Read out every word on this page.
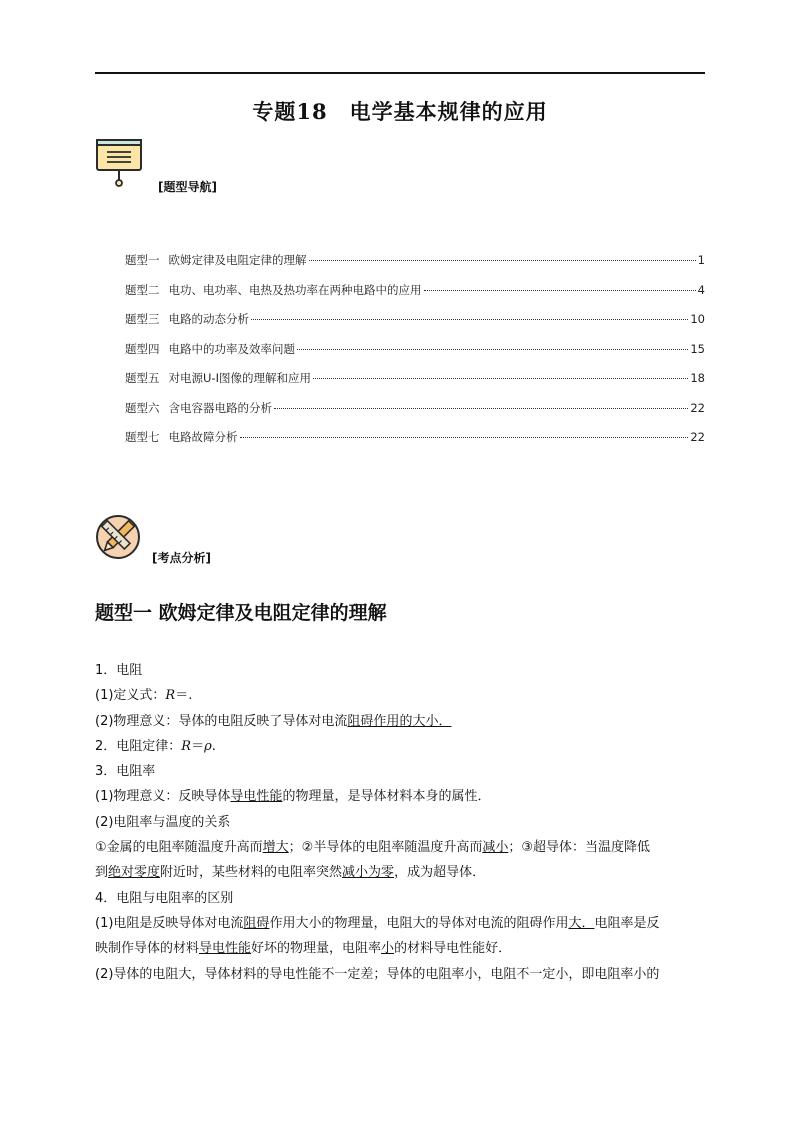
专题18　电学基本规律的应用
[题型导航]
题型一 欧姆定律及电阻定律的理解	1
题型二 电功、电功率、电热及热功率在两种电路中的应用	4
题型三 电路的动态分析	10
题型四 电路中的功率及效率问题	15
题型五 对电源U-I图像的理解和应用	18
题型六 含电容器电路的分析	22
题型七 电路故障分析	22
[考点分析]
题型一 欧姆定律及电阻定律的理解
1．电阻
(1)定义式：R＝.
(2)物理意义：导体的电阻反映了导体对电流阻碍作用的大小．
2．电阻定律：R＝ρ.
3．电阻率
(1)物理意义：反映导体导电性能的物理量，是导体材料本身的属性．
(2)电阻率与温度的关系
①金属的电阻率随温度升高而增大；②半导体的电阻率随温度升高而减小；③超导体：当温度降低
到绝对零度附近时，某些材料的电阻率突然减小为零，成为超导体．
4．电阻与电阻率的区别
(1)电阻是反映导体对电流阻碍作用大小的物理量，电阻大的导体对电流的阻碍作用大．电阻率是反
映制作导体的材料导电性能好坏的物理量，电阻率小的材料导电性能好．
(2)导体的电阻大，导体材料的导电性能不一定差；导体的电阻率小，电阻不一定小，即电阻率小的
